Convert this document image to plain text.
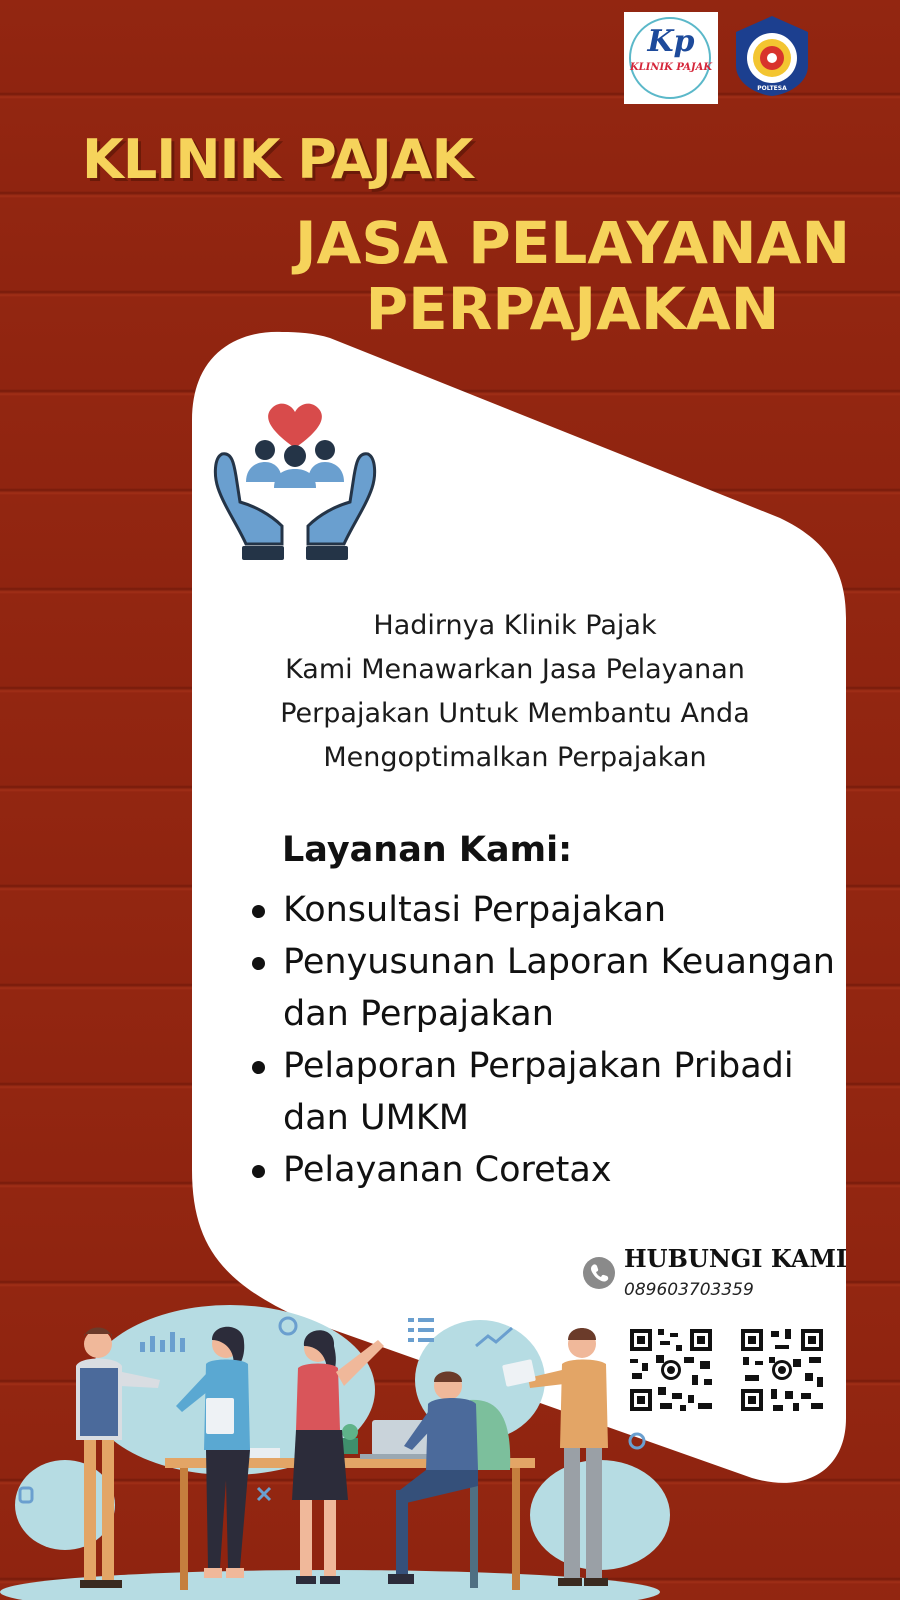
Kp
KLINIK PAJAK
POLTESA
KLINIK PAJAK
JASA PELAYANAN
PERPAJAKAN

Hadirnya Klinik Pajak
Kami Menawarkan Jasa Pelayanan
Perpajakan Untuk Membantu Anda
Mengoptimalkan Perpajakan

Layanan Kami:
Konsultasi Perpajakan
Penyusunan Laporan Keuangan dan Perpajakan
Pelaporan Perpajakan Pribadi dan UMKM
Pelayanan Coretax

HUBUNGI KAMI

089603703359
